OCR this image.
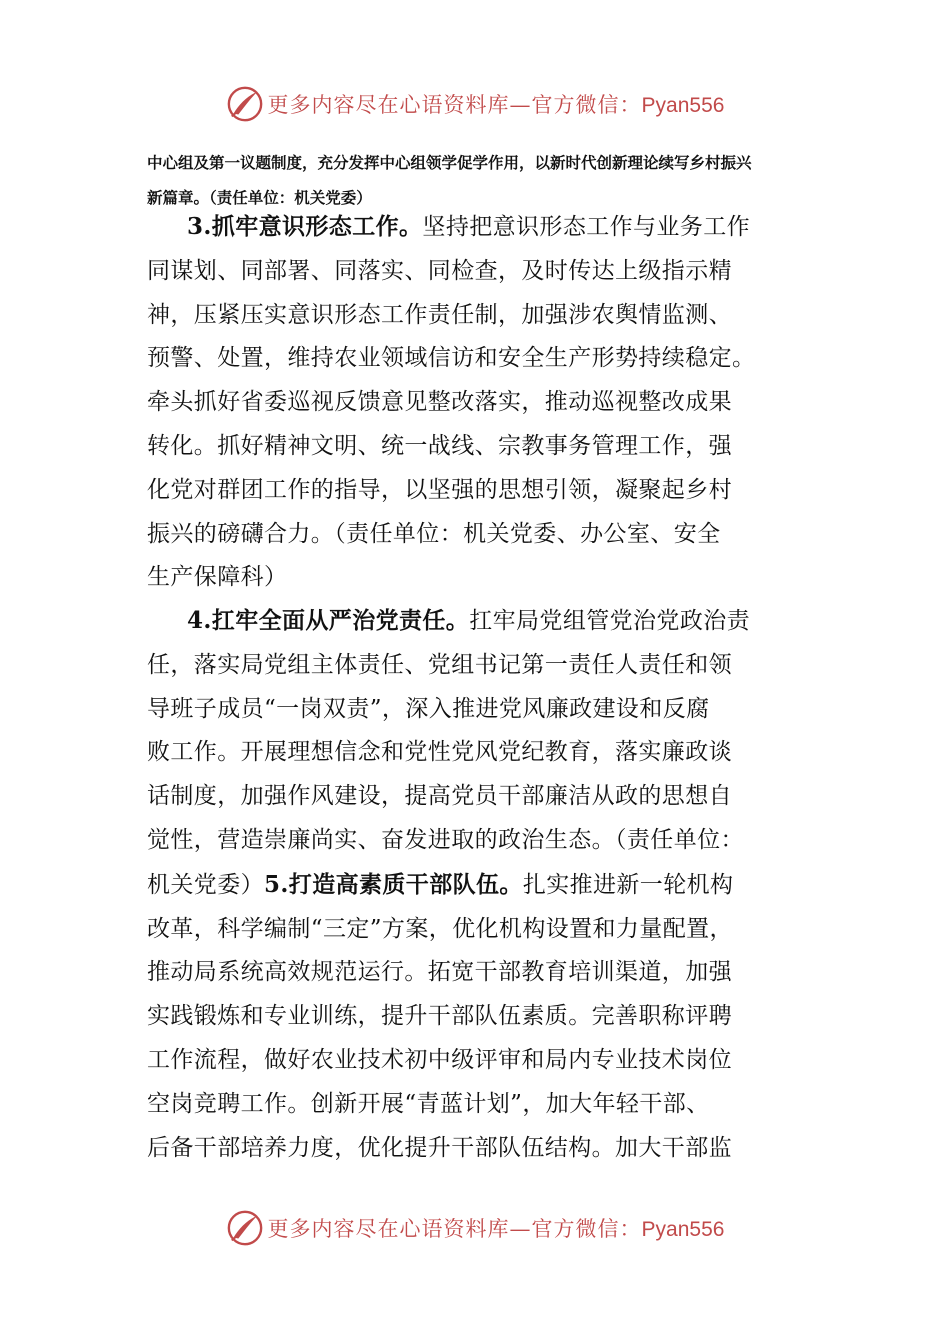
更多内容尽在心语资料库—官方微信：Pyan556
中心组及第一议题制度，充分发挥中心组领学促学作用，以新时代创新理论续写乡村振兴
新篇章。（责任单位：机关党委）
3.抓牢意识形态工作。坚持把意识形态工作与业务工作
同谋划、同部署、同落实、同检查，及时传达上级指示精
神，压紧压实意识形态工作责任制，加强涉农舆情监测、
预警、处置，维持农业领域信访和安全生产形势持续稳定。
牵头抓好省委巡视反馈意见整改落实，推动巡视整改成果
转化。抓好精神文明、统一战线、宗教事务管理工作，强
化党对群团工作的指导，以坚强的思想引领，凝聚起乡村
振兴的磅礴合力。（责任单位：机关党委、办公室、安全
生产保障科）
4.扛牢全面从严治党责任。扛牢局党组管党治党政治责
任，落实局党组主体责任、党组书记第一责任人责任和领
导班子成员“一岗双责”，深入推进党风廉政建设和反腐
败工作。开展理想信念和党性党风党纪教育，落实廉政谈
话制度，加强作风建设，提高党员干部廉洁从政的思想自
觉性，营造崇廉尚实、奋发进取的政治生态。（责任单位：
机关党委）5.打造高素质干部队伍。扎实推进新一轮机构
改革，科学编制“三定”方案，优化机构设置和力量配置，
推动局系统高效规范运行。拓宽干部教育培训渠道，加强
实践锻炼和专业训练，提升干部队伍素质。完善职称评聘
工作流程，做好农业技术初中级评审和局内专业技术岗位
空岗竞聘工作。创新开展“青蓝计划”，加大年轻干部、
后备干部培养力度，优化提升干部队伍结构。加大干部监
更多内容尽在心语资料库—官方微信：Pyan556
